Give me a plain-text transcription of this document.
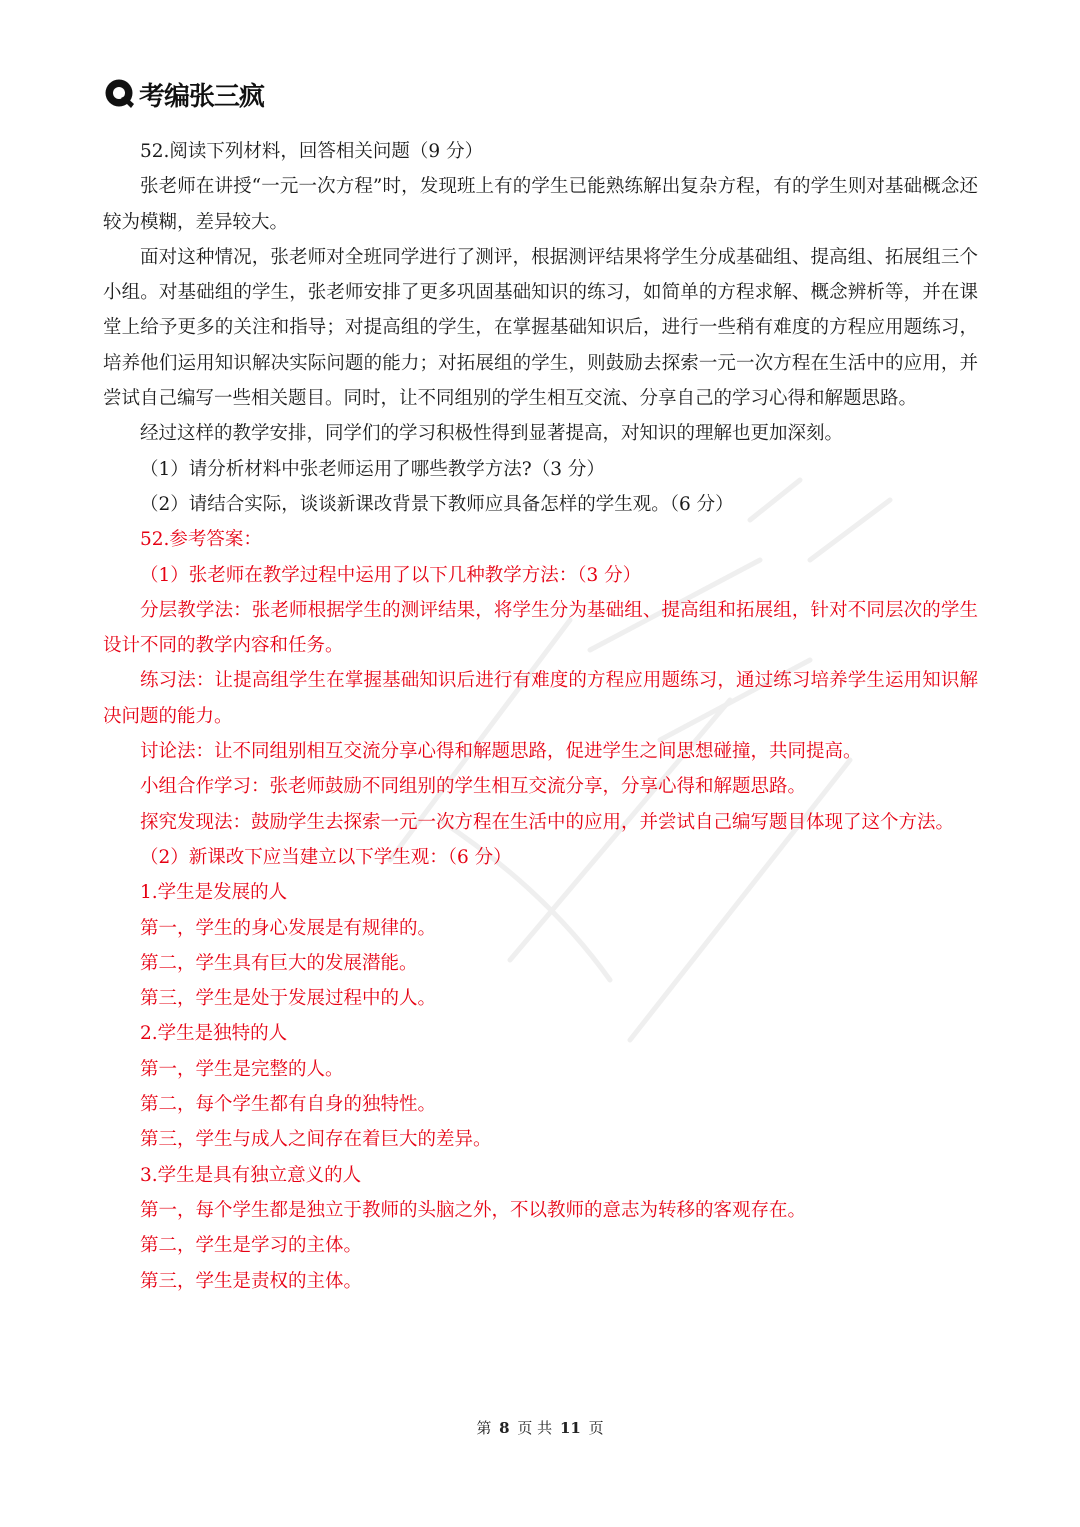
考编张三疯
52.阅读下列材料，回答相关问题（9 分）
张老师在讲授“一元一次方程”时，发现班上有的学生已能熟练解出复杂方程，有的学生则对基础概念还较为模糊，差异较大。
面对这种情况，张老师对全班同学进行了测评，根据测评结果将学生分成基础组、提高组、拓展组三个小组。对基础组的学生，张老师安排了更多巩固基础知识的练习，如简单的方程求解、概念辨析等，并在课堂上给予更多的关注和指导；对提高组的学生，在掌握基础知识后，进行一些稍有难度的方程应用题练习，培养他们运用知识解决实际问题的能力；对拓展组的学生，则鼓励去探索一元一次方程在生活中的应用，并尝试自己编写一些相关题目。同时，让不同组别的学生相互交流、分享自己的学习心得和解题思路。
经过这样的教学安排，同学们的学习积极性得到显著提高，对知识的理解也更加深刻。
（1）请分析材料中张老师运用了哪些教学方法?（3 分）
（2）请结合实际，谈谈新课改背景下教师应具备怎样的学生观。（6 分）
52.参考答案：
（1）张老师在教学过程中运用了以下几种教学方法：（3 分）
分层教学法：张老师根据学生的测评结果，将学生分为基础组、提高组和拓展组，针对不同层次的学生设计不同的教学内容和任务。
练习法：让提高组学生在掌握基础知识后进行有难度的方程应用题练习，通过练习培养学生运用知识解决问题的能力。
讨论法：让不同组别相互交流分享心得和解题思路，促进学生之间思想碰撞，共同提高。
小组合作学习：张老师鼓励不同组别的学生相互交流分享，分享心得和解题思路。
探究发现法：鼓励学生去探索一元一次方程在生活中的应用，并尝试自己编写题目体现了这个方法。
（2）新课改下应当建立以下学生观：（6 分）
1.学生是发展的人
第一，学生的身心发展是有规律的。
第二，学生具有巨大的发展潜能。
第三，学生是处于发展过程中的人。
2.学生是独特的人
第一，学生是完整的人。
第二，每个学生都有自身的独特性。
第三，学生与成人之间存在着巨大的差异。
3.学生是具有独立意义的人
第一，每个学生都是独立于教师的头脑之外，不以教师的意志为转移的客观存在。
第二，学生是学习的主体。
第三，学生是责权的主体。
第 8 页 共 11 页
